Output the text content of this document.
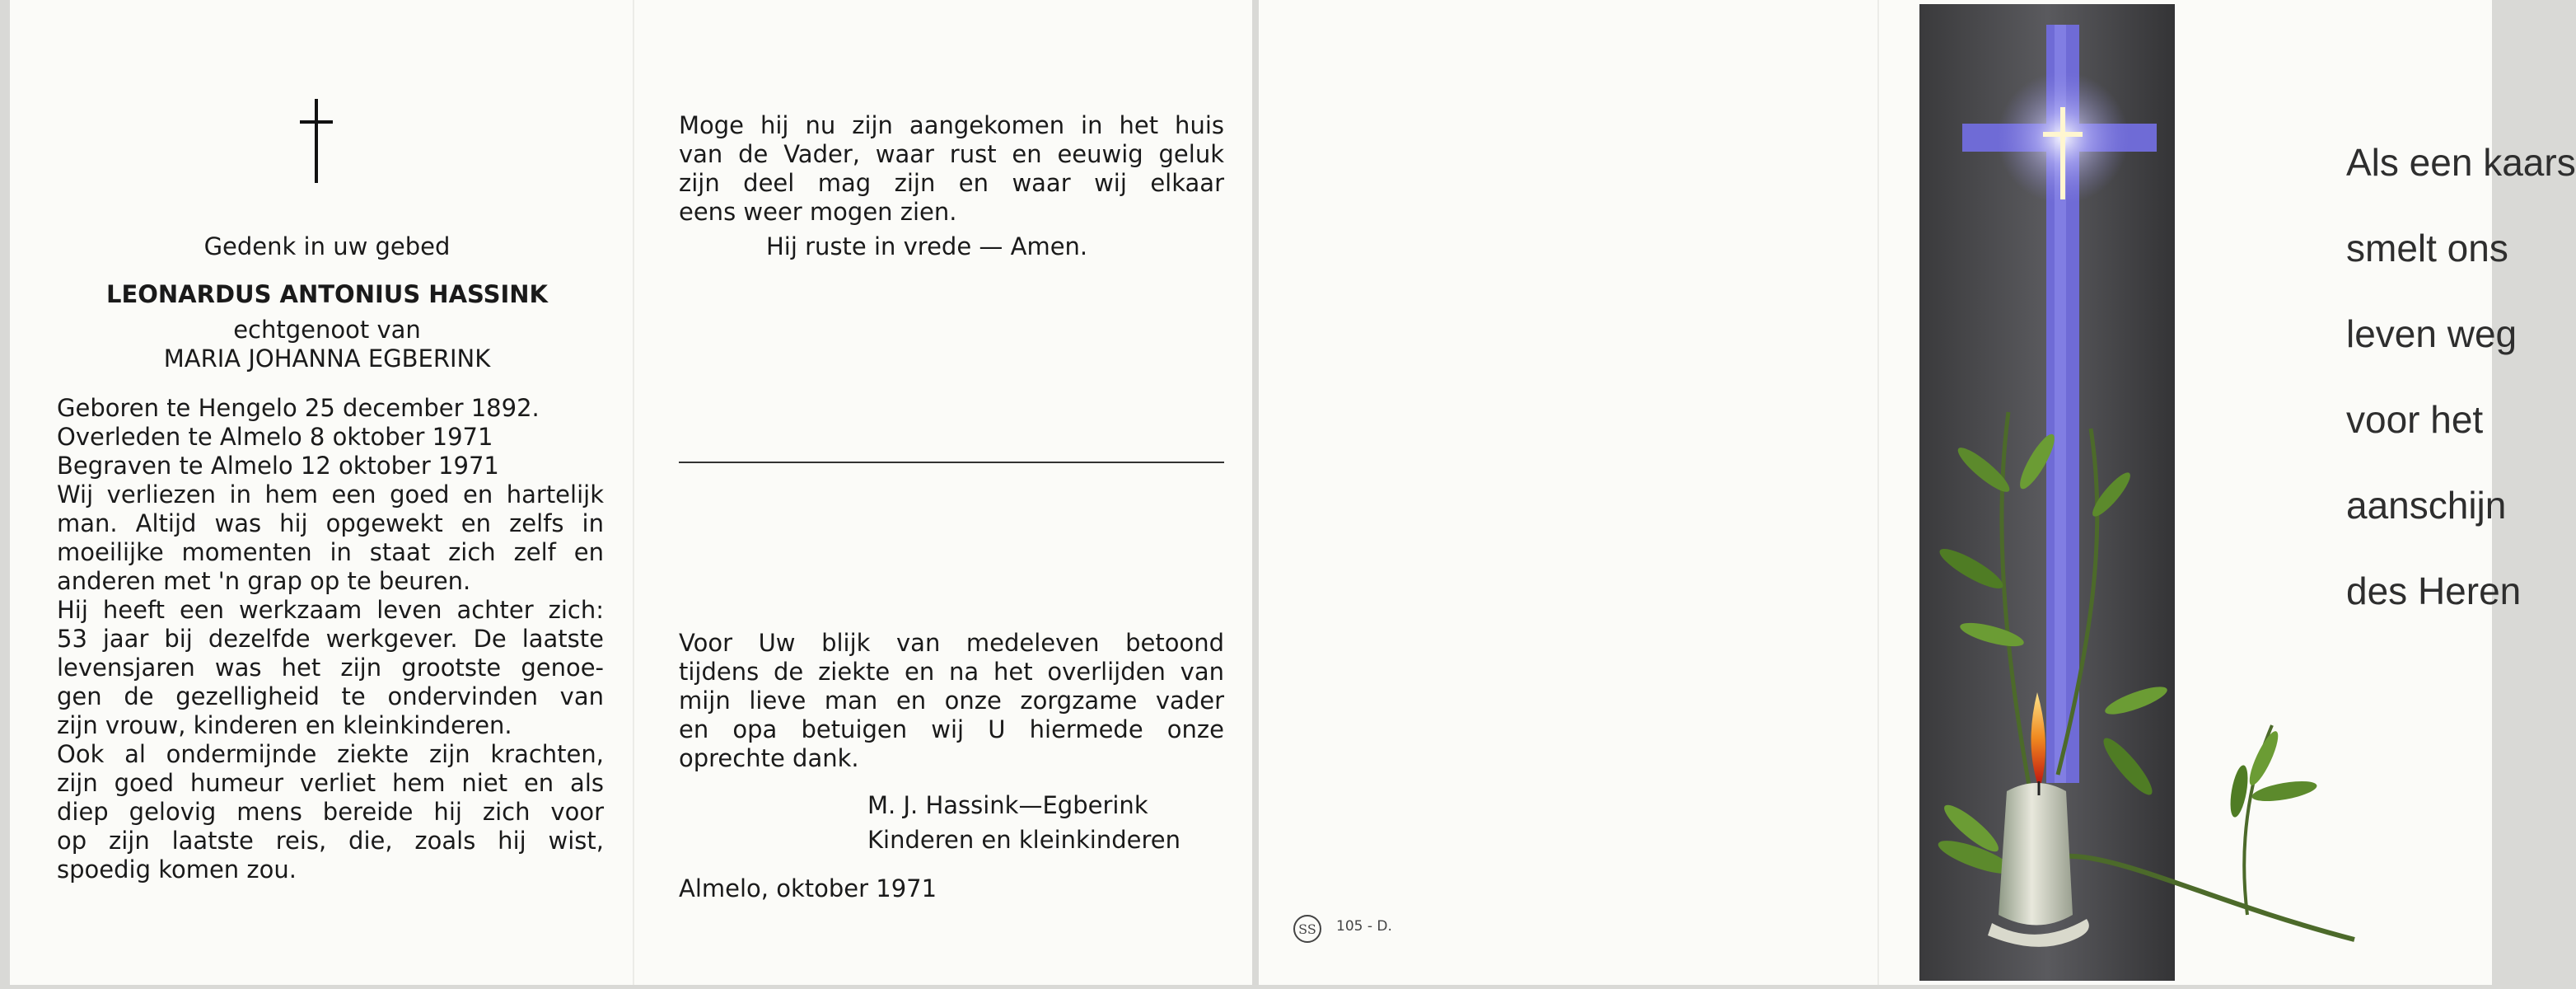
Gedenk in uw gebed
LEONARDUS ANTONIUS HASSINK
echtgenoot van
MARIA JOHANNA EGBERINK
Geboren te Hengelo 25 december 1892.
Overleden te Almelo 8 oktober 1971
Begraven te Almelo 12 oktober 1971
Wij verliezen in hem een goed en hartelijk
man. Altijd was hij opgewekt en zelfs in
moeilijke momenten in staat zich zelf en
anderen met 'n grap op te beuren.
Hij heeft een werkzaam leven achter zich:
53 jaar bij dezelfde werkgever. De laatste
levensjaren was het zijn grootste genoe-
gen de gezelligheid te ondervinden van
zijn vrouw, kinderen en kleinkinderen.
Ook al ondermijnde ziekte zijn krachten,
zijn goed humeur verliet hem niet en als
diep gelovig mens bereide hij zich voor
op zijn laatste reis, die, zoals hij wist,
spoedig komen zou.
Moge hij nu zijn aangekomen in het huis
van de Vader, waar rust en eeuwig geluk
zijn deel mag zijn en waar wij elkaar
eens weer mogen zien.
Hij ruste in vrede — Amen.
Voor Uw blijk van medeleven betoond
tijdens de ziekte en na het overlijden van
mijn lieve man en onze zorgzame vader
en opa betuigen wij U hiermede onze
oprechte dank.
M. J. Hassink—Egberink
Kinderen en kleinkinderen
Almelo, oktober 1971
SS 105 - D.
Als een kaars
smelt ons
leven weg
voor het
aanschijn
des Heren
